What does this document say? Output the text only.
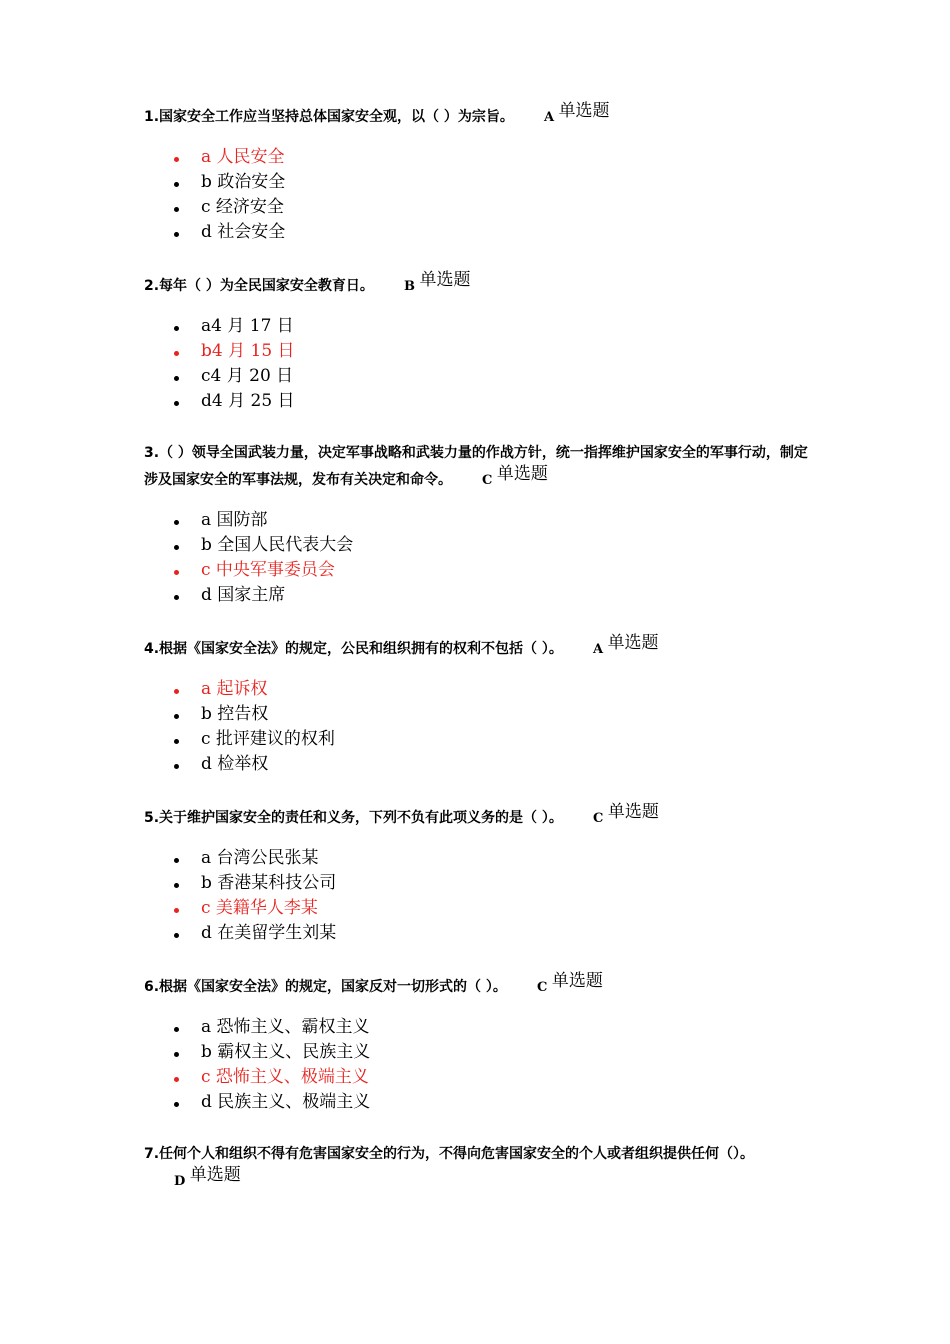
1.国家安全工作应当坚持总体国家安全观，以（ ）为宗旨。 A 单选题

a 人民安全
b 政治安全
c 经济安全
d 社会安全

2.每年（ ）为全民国家安全教育日。 B 单选题

a4 月 17 日
b4 月 15 日
c4 月 20 日
d4 月 25 日

3.（ ）领导全国武装力量，决定军事战略和武装力量的作战方针，统一指挥维护国家安全的军事行动，制定涉及国家安全的军事法规，发布有关决定和命令。 C 单选题

a 国防部
b 全国人民代表大会
c 中央军事委员会
d 国家主席

4.根据《国家安全法》的规定，公民和组织拥有的权利不包括（ ）。 A 单选题

a 起诉权
b 控告权
c 批评建议的权利
d 检举权

5.关于维护国家安全的责任和义务，下列不负有此项义务的是（ ）。 C 单选题

a 台湾公民张某
b 香港某科技公司
c 美籍华人李某
d 在美留学生刘某

6.根据《国家安全法》的规定，国家反对一切形式的（ ）。 C 单选题

a 恐怖主义、霸权主义
b 霸权主义、民族主义
c 恐怖主义、极端主义
d 民族主义、极端主义

7.任何个人和组织不得有危害国家安全的行为，不得向危害国家安全的个人或者组织提供任何（）。D 单选题
